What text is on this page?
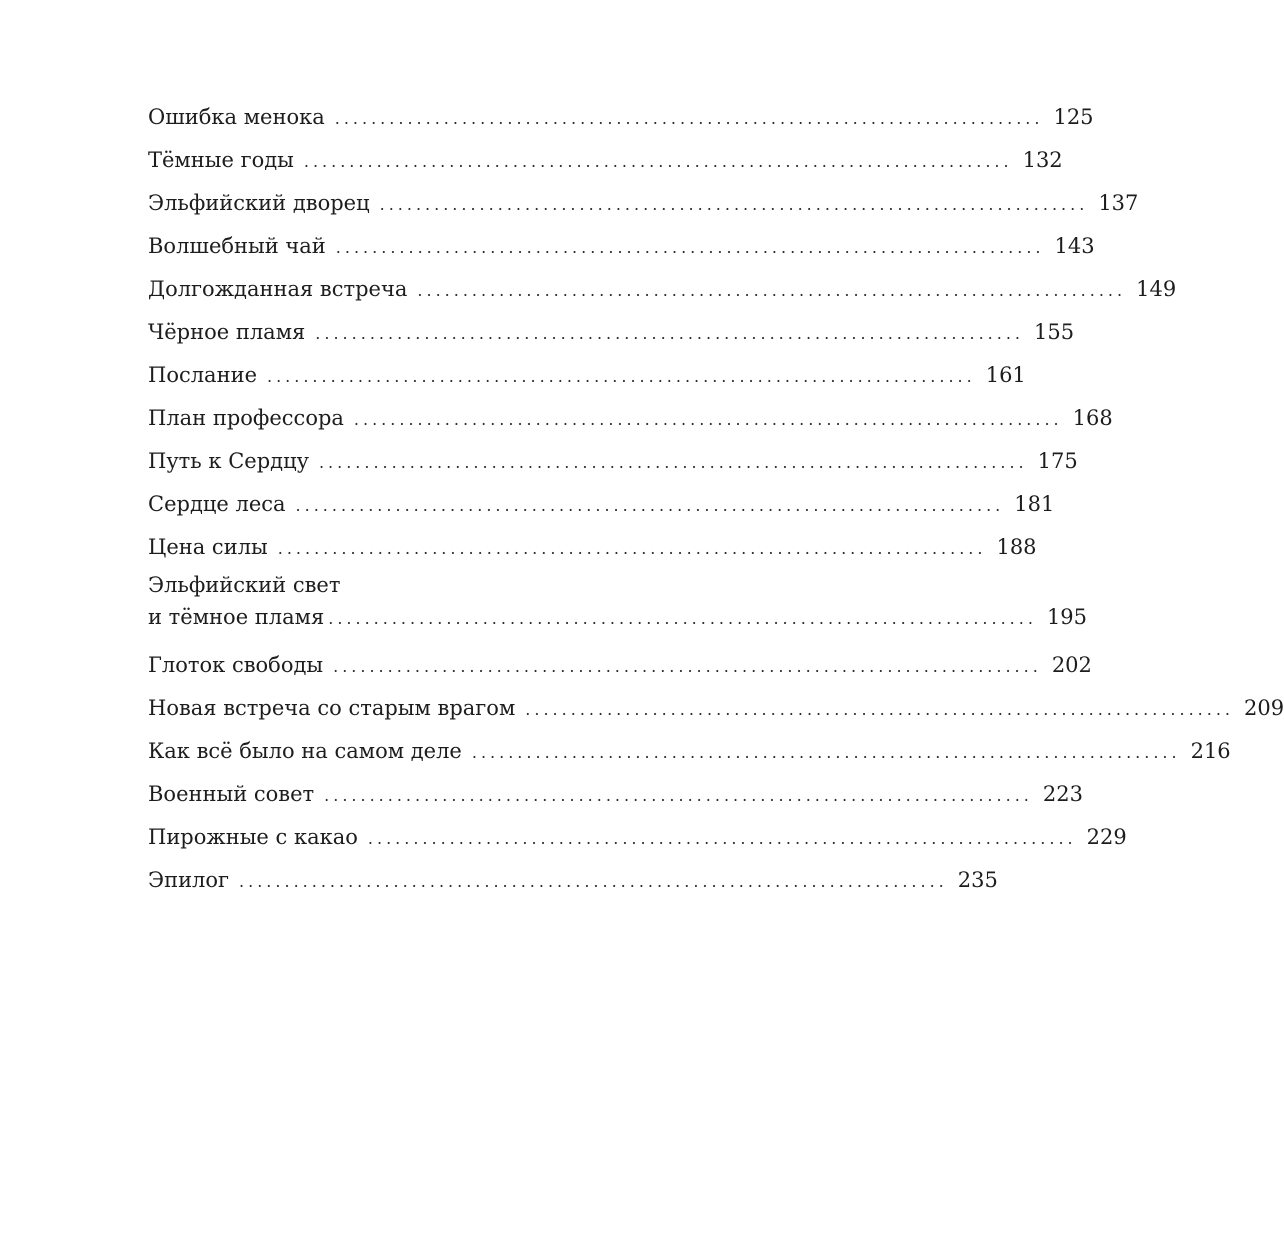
Ошибка менока .............................................................................. 125
Тёмные годы .............................................................................. 132
Эльфийский дворец .............................................................................. 137
Волшебный чай .............................................................................. 143
Долгожданная встреча .............................................................................. 149
Чёрное пламя .............................................................................. 155
Послание .............................................................................. 161
План профессора .............................................................................. 168
Путь к Сердцу .............................................................................. 175
Сердце леса .............................................................................. 181
Цена силы .............................................................................. 188
Эльфийский свет
и тёмное пламя .............................................................................. 195
Глоток свободы .............................................................................. 202
Новая встреча со старым врагом .............................................................................. 209
Как всё было на самом деле .............................................................................. 216
Военный совет .............................................................................. 223
Пирожные с какао .............................................................................. 229
Эпилог .............................................................................. 235
